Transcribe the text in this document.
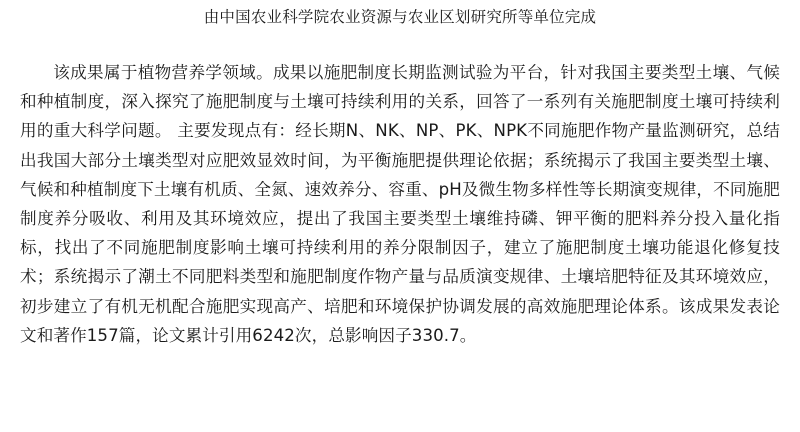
由中国农业科学院农业资源与农业区划研究所等单位完成

该成果属于植物营养学领域。成果以施肥制度长期监测试验为平台，针对我国主要类型土壤、气候和种植制度，深入探究了施肥制度与土壤可持续利用的关系，回答了一系列有关施肥制度土壤可持续利用的重大科学问题。 主要发现点有：经长期N、NK、NP、PK、NPK不同施肥作物产量监测研究，总结出我国大部分土壤类型对应肥效显效时间，为平衡施肥提供理论依据；系统揭示了我国主要类型土壤、气候和种植制度下土壤有机质、全氮、速效养分、容重、pH及微生物多样性等长期演变规律，不同施肥制度养分吸收、利用及其环境效应，提出了我国主要类型土壤维持磷、钾平衡的肥料养分投入量化指标，找出了不同施肥制度影响土壤可持续利用的养分限制因子，建立了施肥制度土壤功能退化修复技术；系统揭示了潮土不同肥料类型和施肥制度作物产量与品质演变规律、土壤培肥特征及其环境效应，初步建立了有机无机配合施肥实现高产、培肥和环境保护协调发展的高效施肥理论体系。该成果发表论文和著作157篇，论文累计引用6242次，总影响因子330.7。
